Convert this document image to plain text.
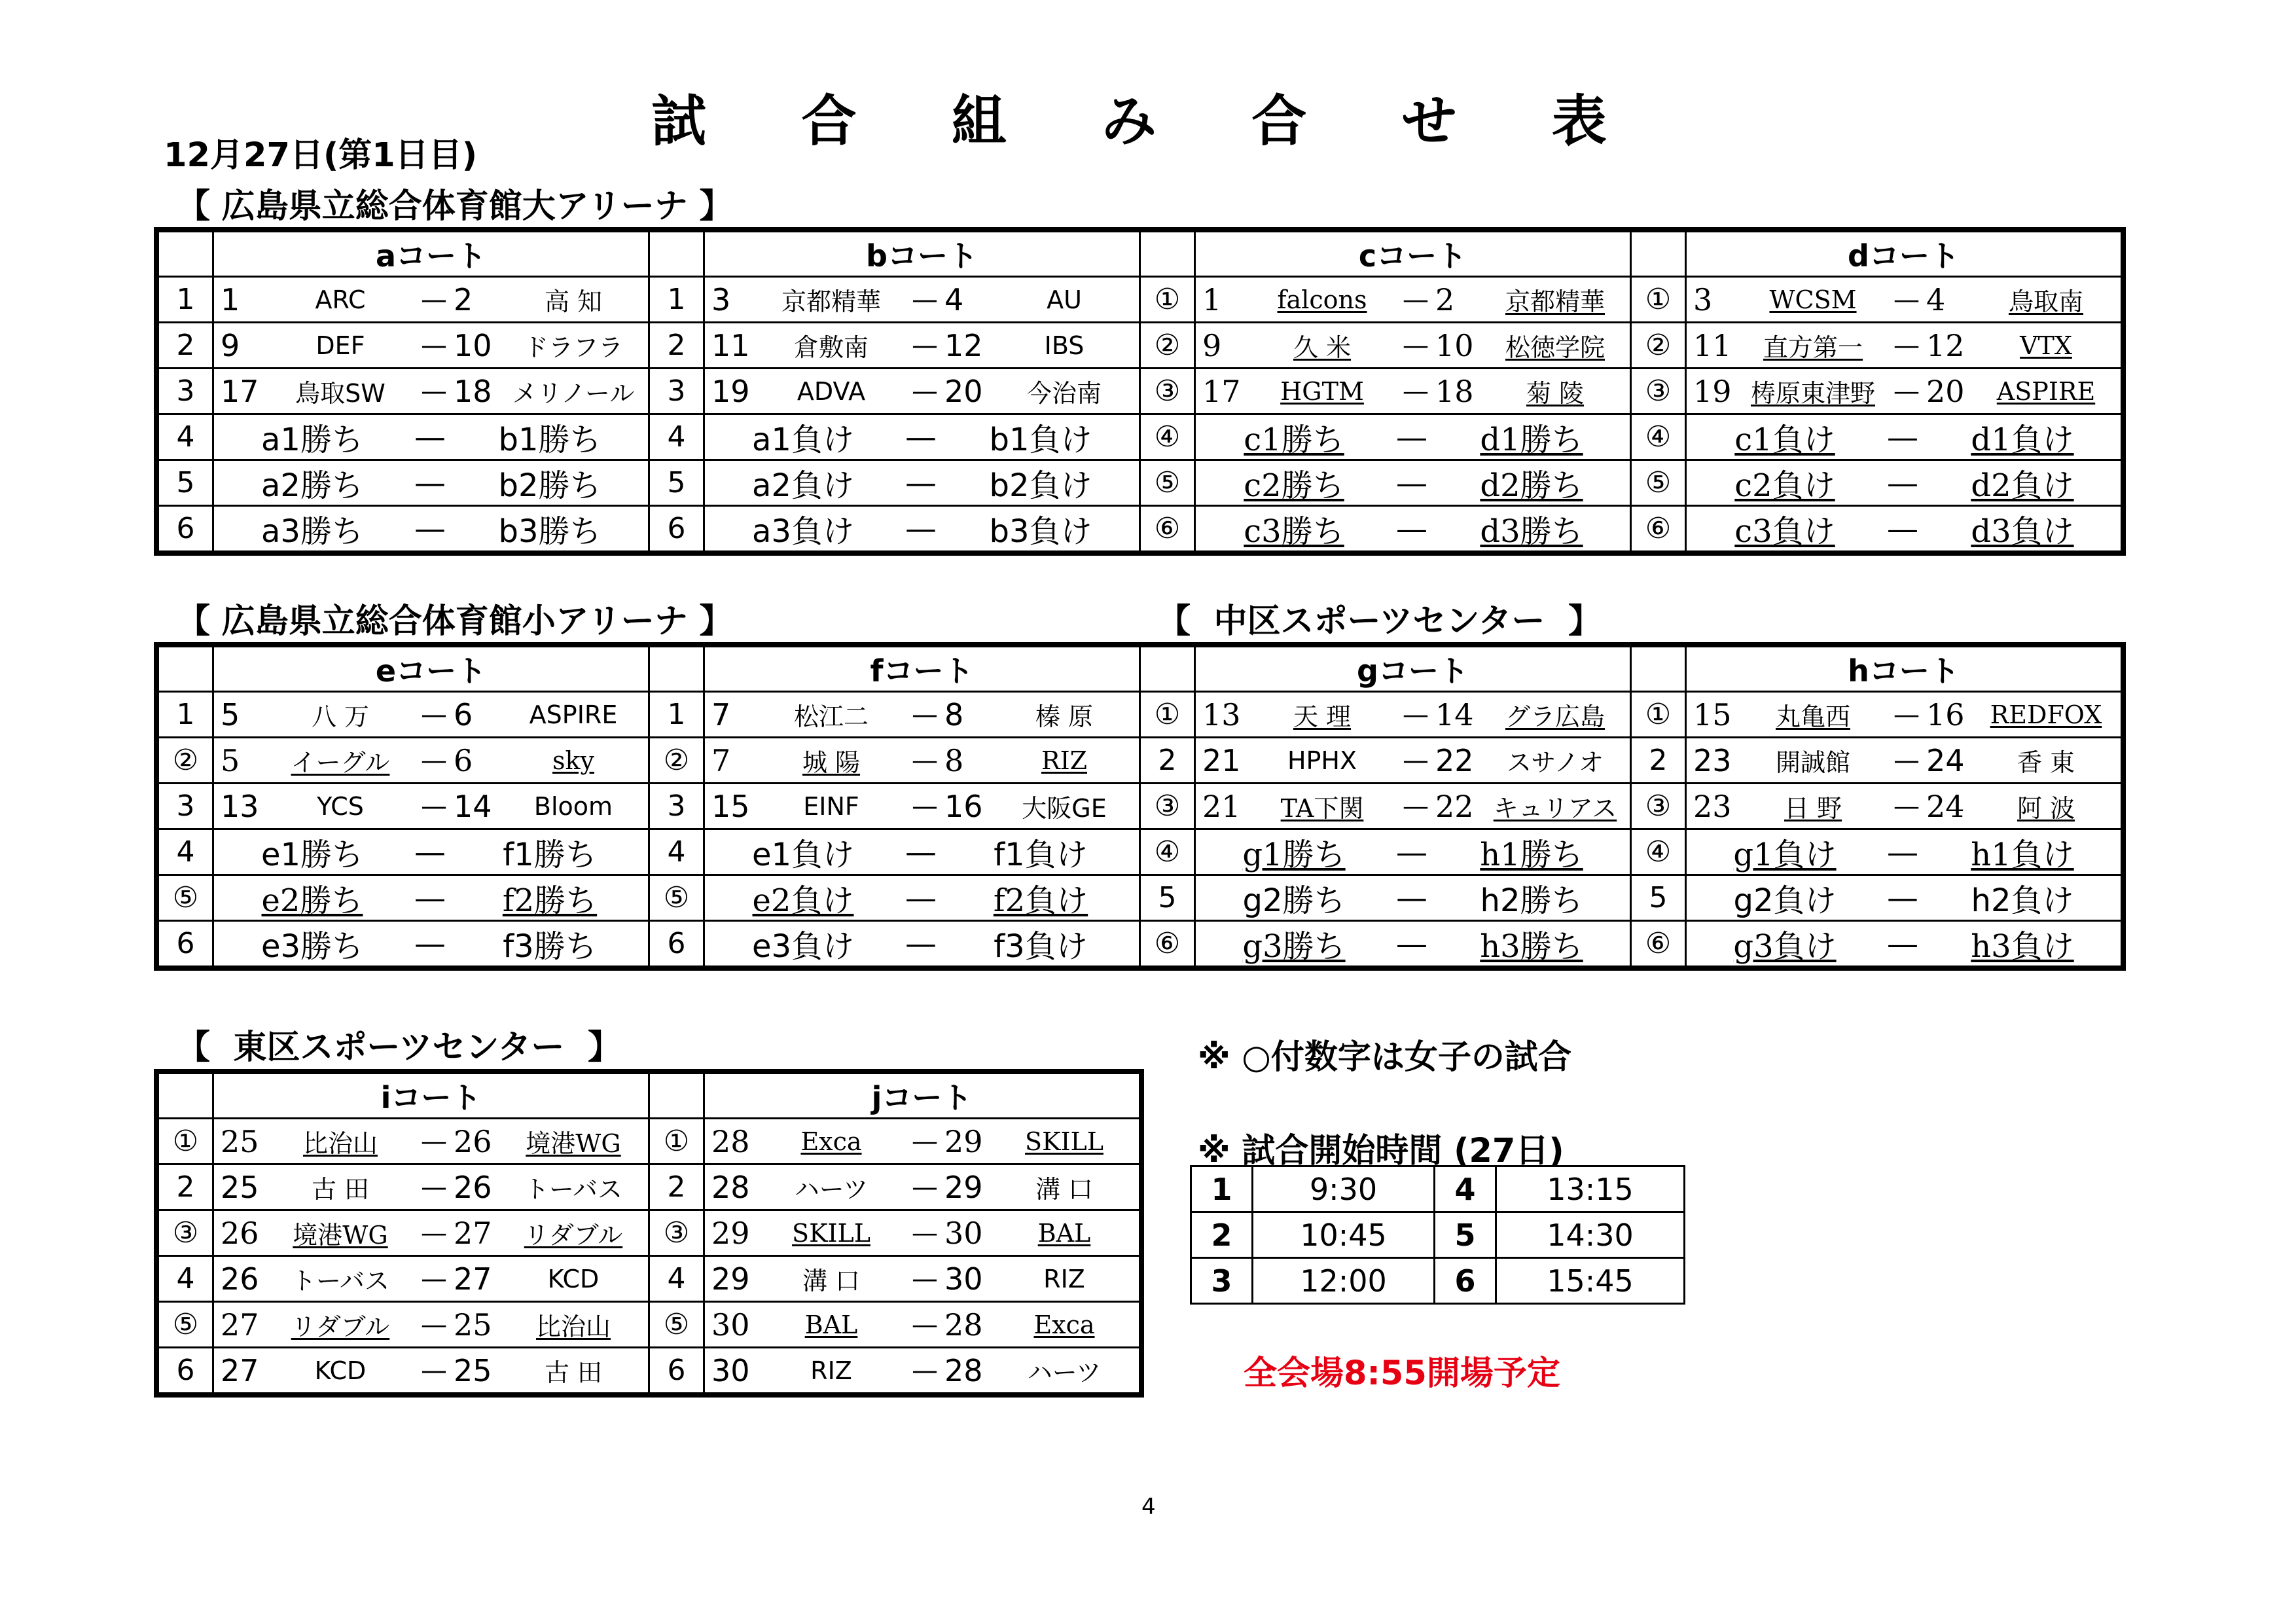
試 合 組 み 合 せ 表
12月27日(第1日目)
【 広島県立総合体育館大アリーナ 】
【 広島県立総合体育館小アリーナ 】	【  中区スポーツセンター  】
【  東区スポーツセンター  】
	aコート		bコート		cコート		dコート
1	1 ARC — 2 高 知	1	3 京都精華 — 4 AU	①	1 falcons — 2 京都精華	①	3 WCSM — 4 鳥取南

2	9 DEF — 10 ドラフラ	2	11 倉敷南 — 12 IBS	②	9 久 米 — 10 松徳学院	②	11 直方第一 — 12 VTX

3	17 鳥取SW — 18 メリノール	3	19 ADVA — 20 今治南	③	17 HGTM — 18 菊 陵	③	19 梼原東津野 — 20 ASPIRE

4	a1勝ち — b1勝ち	4	a1負け — b1負け	④	c1勝ち — d1勝ち	④	c1負け — d1負け

5	a2勝ち — b2勝ち	5	a2負け — b2負け	⑤	c2勝ち — d2勝ち	⑤	c2負け — d2負け

6	a3勝ち — b3勝ち	6	a3負け — b3負け	⑥	c3勝ち — d3勝ち	⑥	c3負け — d3負け
	eコート		fコート		gコート		hコート
1	5 八 万 — 6 ASPIRE	1	7 松江二 — 8 榛 原	①	13 天 理 — 14 グラ広島	①	15 丸亀西 — 16 REDFOX

②	5 イーグル — 6 sky	②	7 城 陽 — 8 RIZ	2	21 HPHX — 22 スサノオ	2	23 開誠館 — 24 香 東

3	13 YCS — 14 Bloom	3	15 EINF — 16 大阪GE	③	21 TA下関 — 22 キュリアス	③	23 日 野 — 24 阿 波

4	e1勝ち — f1勝ち	4	e1負け — f1負け	④	g1勝ち — h1勝ち	④	g1負け — h1負け

⑤	e2勝ち — f2勝ち	⑤	e2負け — f2負け	5	g2勝ち — h2勝ち	5	g2負け — h2負け

6	e3勝ち — f3勝ち	6	e3負け — f3負け	⑥	g3勝ち — h3勝ち	⑥	g3負け — h3負け
	iコート		jコート
①	25 比治山 — 26 境港WG	①	28 Exca — 29 SKILL

2	25 古 田 — 26 トーバス	2	28 ハーツ — 29 溝 口

③	26 境港WG — 27 リダブル	③	29 SKILL — 30 BAL

4	26 トーバス — 27 KCD	4	29 溝 口 — 30 RIZ

⑤	27 リダブル — 25 比治山	⑤	30 BAL — 28 Exca

6	27 KCD — 25 古 田	6	30 RIZ — 28 ハーツ
※ ○付数字は女子の試合
※ 試合開始時間 (27日)
1	9:30	4	13:15
2	10:45	5	14:30
3	12:00	6	15:45
全会場8:55開場予定
4
